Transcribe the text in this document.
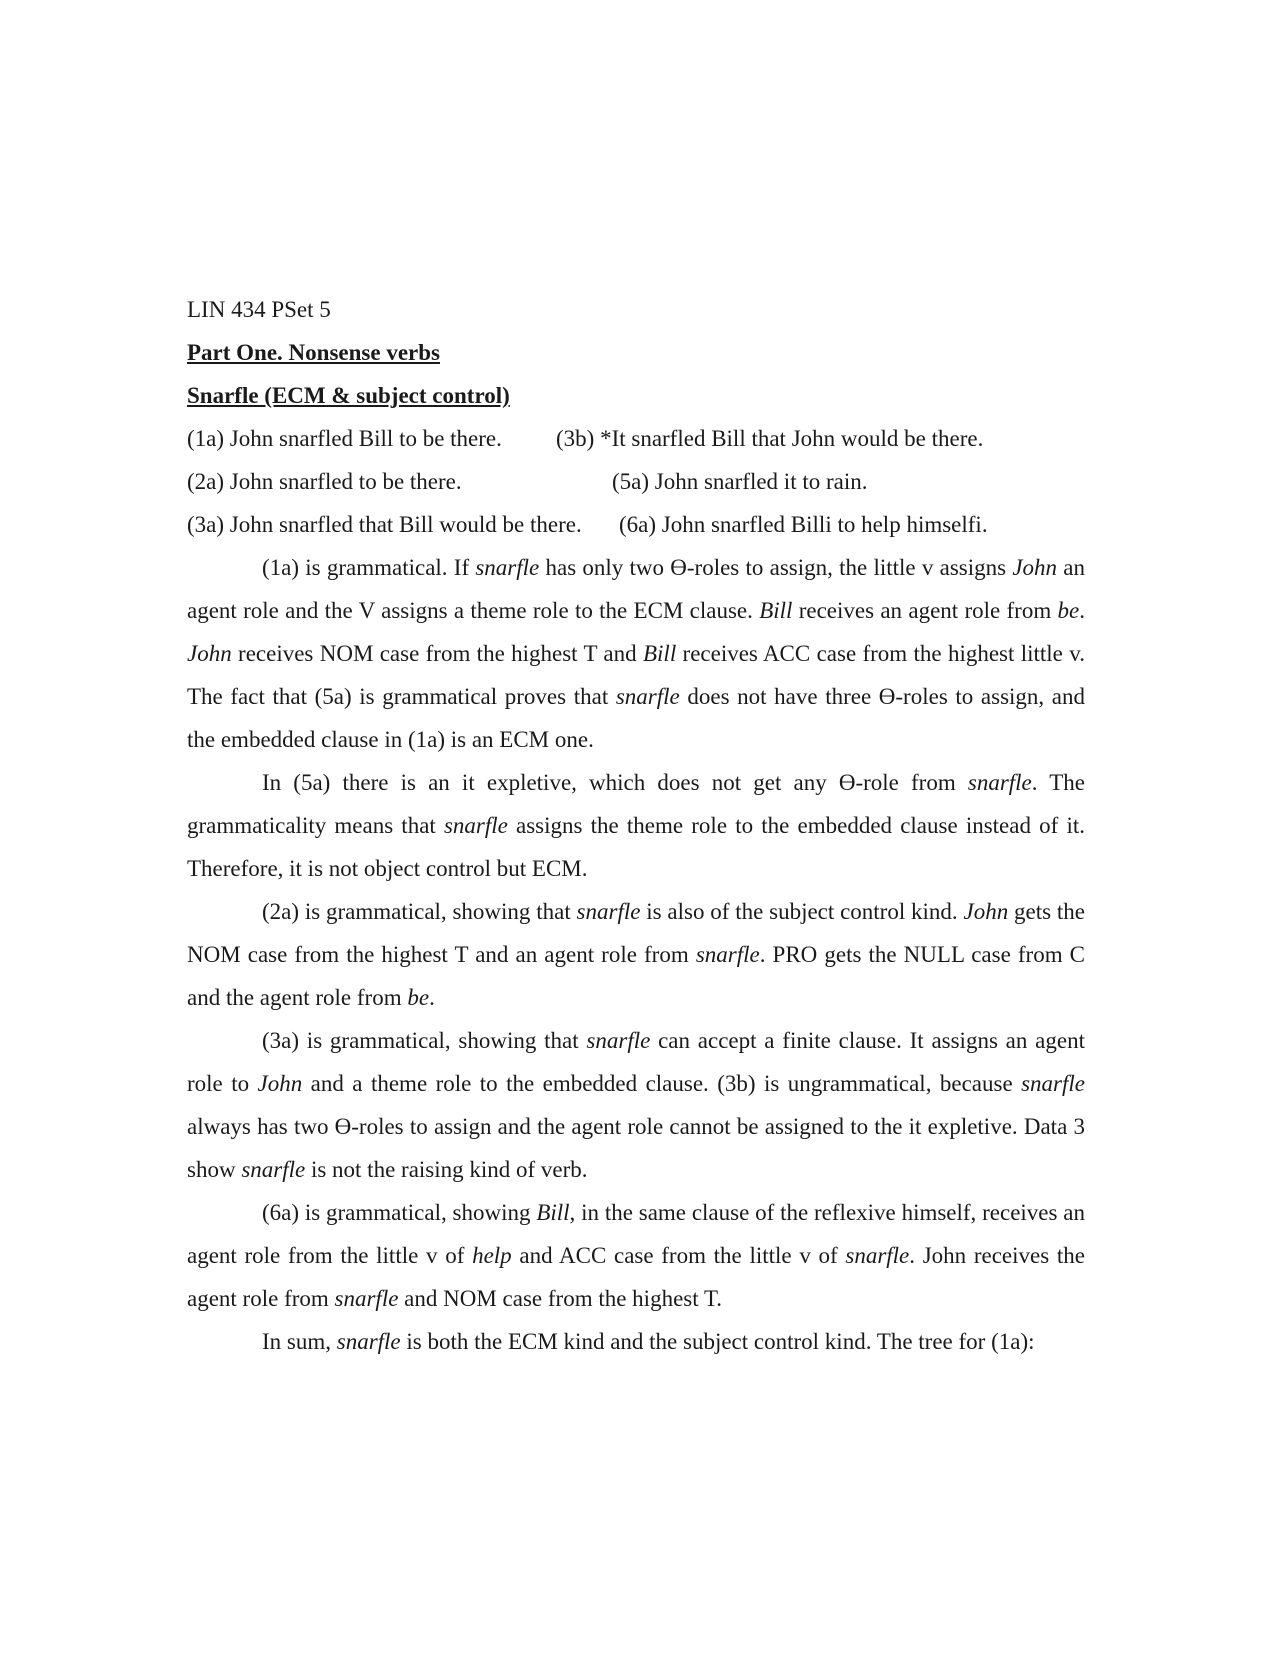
LIN 434 PSet 5

Part One. Nonsense verbs

Snarfle (ECM & subject control)

(1a) John snarfled Bill to be there. (3b) *It snarfled Bill that John would be there.
(2a) John snarfled to be there.	(5a) John snarfled it to rain.
(3a) John snarfled that Bill would be there. (6a) John snarfled Billi to help himselfi.

(1a) is grammatical. If snarfle has only two ϴ-roles to assign, the little v assigns John an agent role and the V assigns a theme role to the ECM clause. Bill receives an agent role from be. John receives NOM case from the highest T and Bill receives ACC case from the highest little v. The fact that (5a) is grammatical proves that snarfle does not have three ϴ-roles to assign, and the embedded clause in (1a) is an ECM one.

In (5a) there is an it expletive, which does not get any ϴ-role from snarfle. The grammaticality means that snarfle assigns the theme role to the embedded clause instead of it. Therefore, it is not object control but ECM.

(2a) is grammatical, showing that snarfle is also of the subject control kind. John gets the NOM case from the highest T and an agent role from snarfle. PRO gets the NULL case from C and the agent role from be.

(3a) is grammatical, showing that snarfle can accept a finite clause. It assigns an agent role to John and a theme role to the embedded clause. (3b) is ungrammatical, because snarfle always has two ϴ-roles to assign and the agent role cannot be assigned to the it expletive. Data 3 show snarfle is not the raising kind of verb.

(6a) is grammatical, showing Bill, in the same clause of the reflexive himself, receives an agent role from the little v of help and ACC case from the little v of snarfle. John receives the agent role from snarfle and NOM case from the highest T.

In sum, snarfle is both the ECM kind and the subject control kind. The tree for (1a):
